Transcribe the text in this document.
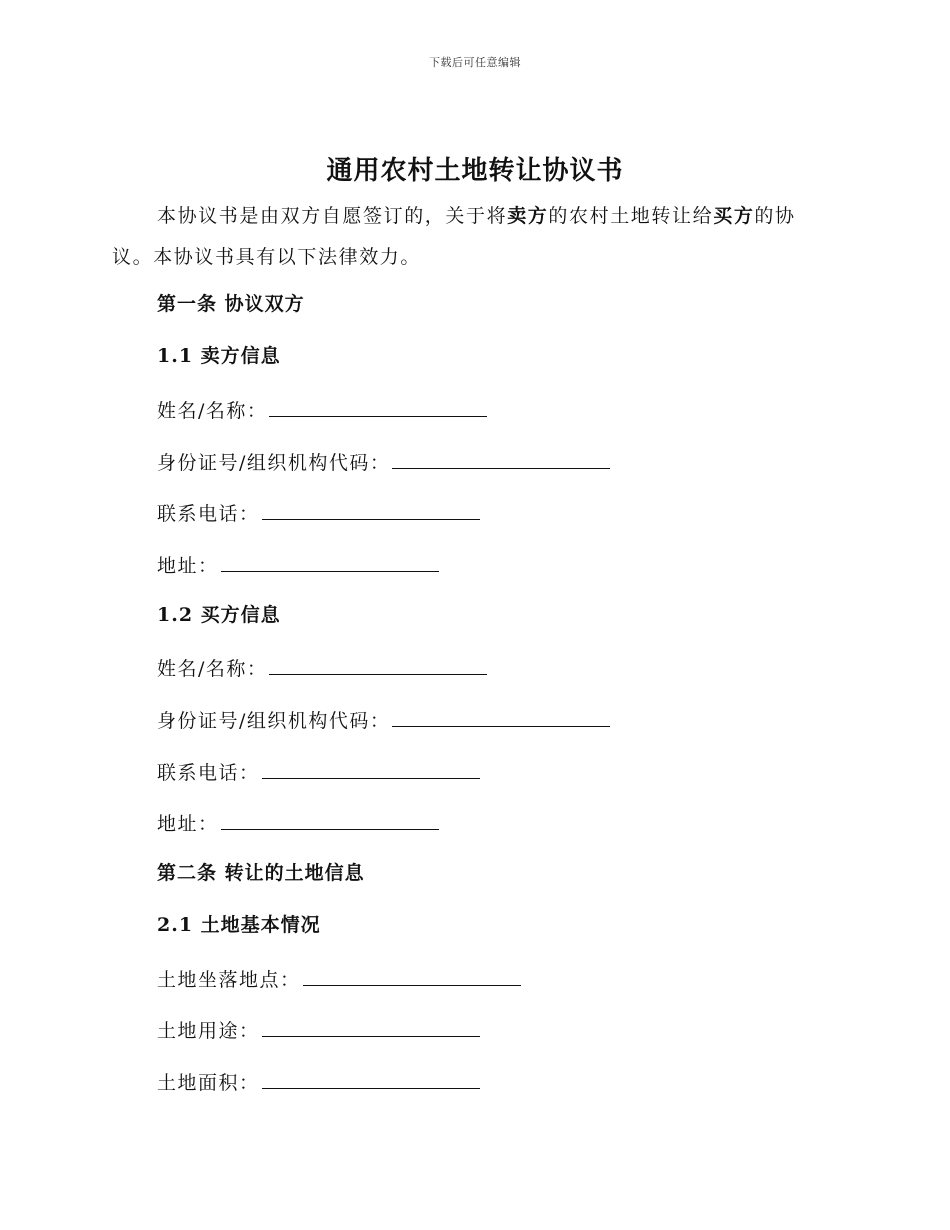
下载后可任意编辑
通用农村土地转让协议书
本协议书是由双方自愿签订的，关于将卖方的农村土地转让给买方的协议。本协议书具有以下法律效力。
第一条 协议双方
1.1 卖方信息
姓名/名称：
身份证号/组织机构代码：
联系电话：
地址：
1.2 买方信息
姓名/名称：
身份证号/组织机构代码：
联系电话：
地址：
第二条 转让的土地信息
2.1 土地基本情况
土地坐落地点：
土地用途：
土地面积：
